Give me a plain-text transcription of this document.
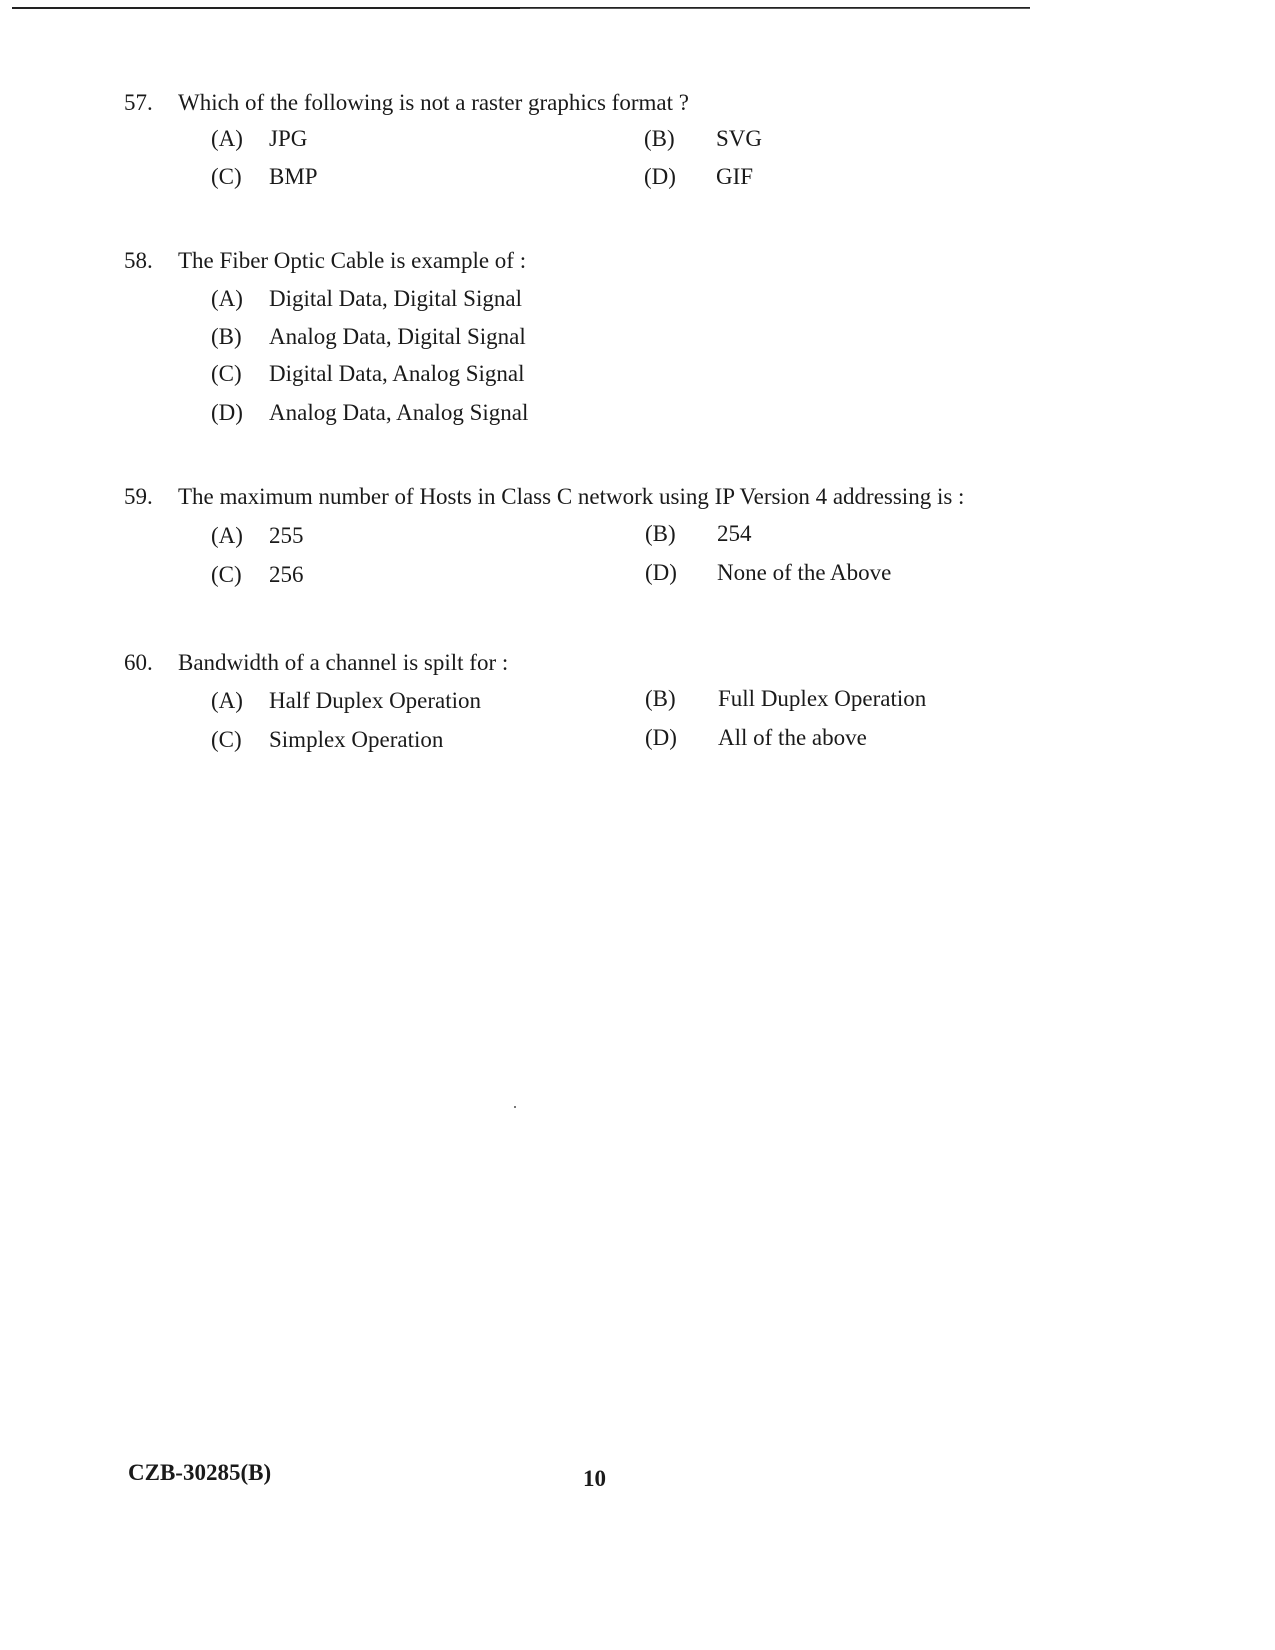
57. Which of the following is not a raster graphics format ?
(A) JPG	(B) SVG
(C) BMP	(D) GIF
58. The Fiber Optic Cable is example of :
(A) Digital Data, Digital Signal
(B) Analog Data, Digital Signal
(C) Digital Data, Analog Signal
(D) Analog Data, Analog Signal
59. The maximum number of Hosts in Class C network using IP Version 4 addressing is :
(A) 255	(B) 254
(C) 256	(D) None of the Above
60. Bandwidth of a channel is spilt for :
(A) Half Duplex Operation	(B) Full Duplex Operation
(C) Simplex Operation	(D) All of the above
CZB-30285(B)	10
